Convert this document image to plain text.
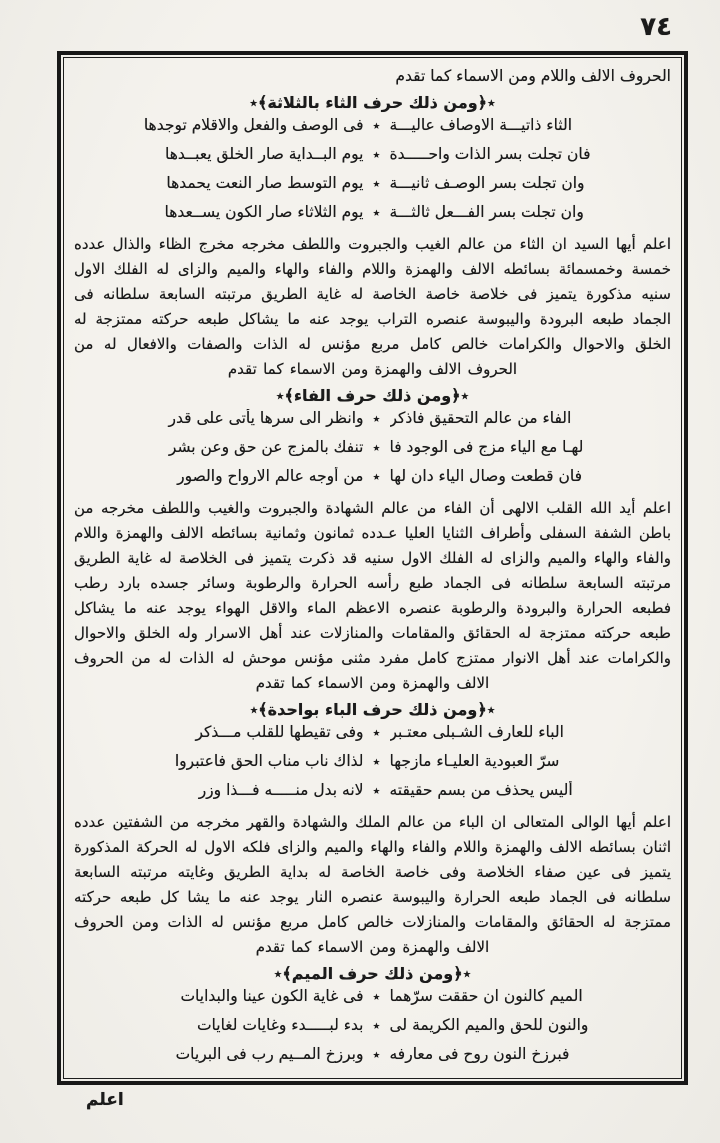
٧٤
الحروف الالف واللام ومن الاسماء كما تقدم
٭﴿ومن ذلك حرف الثاء بالثلاثة﴾٭
الثاء ذاتيـــة الاوصاف عاليـــة
٭
فى الوصف والفعل والاقلام توجدها
فان تجلت بسر الذات واحـــــدة
٭
يوم البــداية صار الخلق يعبــدها
وان تجلت بسر الوصـف ثانيـــة
٭
يوم التوسط صار النعت يحمدها
وان تجلت بسر الفـــعل ثالثـــة
٭
يوم الثلاثاء صار الكون يســعدها

اعلم أيها السيد ان الثاء من عالم الغيب والجبروت واللطف مخرجه مخرج الظاء والذال عدده خمسة وخمسمائة بسائطه الالف والهمزة واللام والفاء والهاء والميم والزاى له الفلك الاول سنيه مذكورة يتميز فى خلاصة خاصة الخاصة له غاية الطريق مرتبته السابعة سلطانه فى الجماد طبعه البرودة واليبوسة عنصره التراب يوجد عنه ما يشاكل طبعه حركته ممتزجة له الخلق والاحوال والكرامات خالص كامل مربع مؤنس له الذات والصفات والافعال له من الحروف الالف والهمزة ومن الاسماء كما تقدم

٭﴿ومن ذلك حرف الفاء﴾٭
الفاء من عالم التحقيق فاذكر
٭
وانظر الى سرها يأتى على قدر
لهـا مع الياء مزج فى الوجود فا
٭
تنفك بالمزج عن حق وعن بشر
فان قطعت وصال الياء دان لها
٭
من أوجه عالم الارواح والصور

اعلم أيد الله القلب الالهى أن الفاء من عالم الشهادة والجبروت والغيب واللطف مخرجه من باطن الشفة السفلى وأطراف الثنايا العليا عـدده ثمانون وثمانية بسائطه الالف والهمزة واللام والفاء والهاء والميم والزاى له الفلك الاول سنيه قد ذكرت يتميز فى الخلاصة له غاية الطريق مرتبته السابعة سلطانه فى الجماد طبع رأسه الحرارة والرطوبة وسائر جسده بارد رطب فطبعه الحرارة والبرودة والرطوبة عنصره الاعظم الماء والاقل الهواء يوجد عنه ما يشاكل طبعه حركته ممتزجة له الحقائق والمقامات والمنازلات عند أهل الاسرار وله الخلق والاحوال والكرامات عند أهل الانوار ممتزج كامل مفرد مثنى مؤنس موحش له الذات له من الحروف الالف والهمزة ومن الاسماء كما تقدم

٭﴿ومن ذلك حرف الباء بواحدة﴾٭
الباء للعارف الشـبلى معتـبر
٭
وفى تقيطها للقلب مـــذكر
سرّ العبودية العليـاء مازجها
٭
لذاك ناب مناب الحق فاعتبروا
أليس يحذف من بسم حقيقته
٭
لانه بدل منـــــه فـــذا وزر

اعلم أيها الوالى المتعالى ان الباء من عالم الملك والشهادة والقهر مخرجه من الشفتين عدده اثنان بسائطه الالف والهمزة واللام والفاء والهاء والميم والزاى فلكه الاول له الحركة المذكورة يتميز فى عين صفاء الخلاصة وفى خاصة الخاصة له بداية الطريق وغايته مرتبته السابعة سلطانه فى الجماد طبعه الحرارة واليبوسة عنصره النار يوجد عنه ما يشا كل طبعه حركته ممتزجة له الحقائق والمقامات والمنازلات خالص كامل مربع مؤنس له الذات ومن الحروف الالف والهمزة ومن الاسماء كما تقدم

٭﴿ومن ذلك حرف الميم﴾٭
الميم كالنون ان حققت سرّهما
٭
فى غاية الكون عينا والبدايات
والنون للحق والميم الكريمة لى
٭
بدء لبـــــدء وغايات لغايات
فبرزخ النون روح فى معارفه
٭
وبرزخ المــيم رب فى البريات
اعلم
